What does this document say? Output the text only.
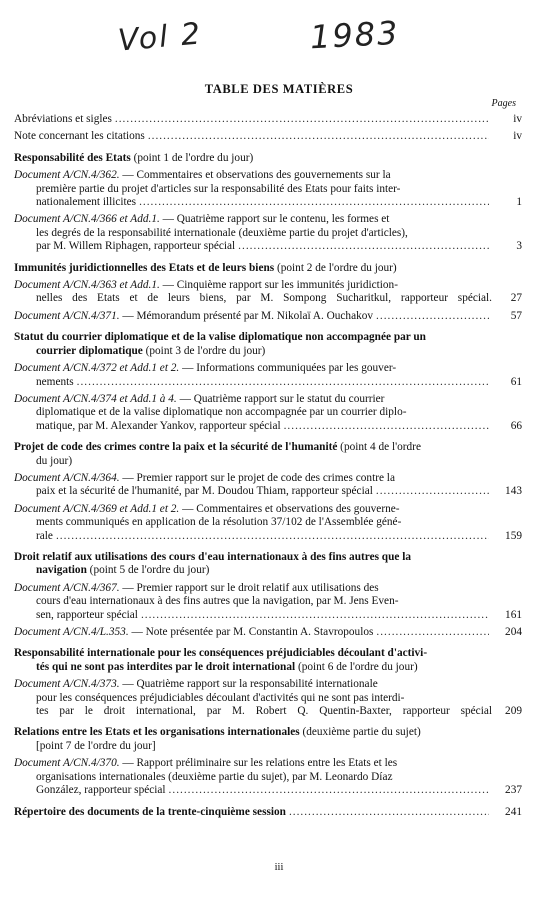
Vol 2	1983
TABLE DES MATIÈRES
Pages
Abréviations et sigles .....	iv
Note concernant les citations .....	iv
Responsabilité des Etats (point 1 de l'ordre du jour)
Document A/CN.4/362. — Commentaires et observations des gouvernements sur la
première partie du projet d'articles sur la responsabilité des Etats pour faits inter-
nationalement illicites .....	1
Document A/CN.4/366 et Add.1. — Quatrième rapport sur le contenu, les formes et
les degrés de la responsabilité internationale (deuxième partie du projet d'articles),
par M. Willem Riphagen, rapporteur spécial .....	3
Immunités juridictionnelles des Etats et de leurs biens (point 2 de l'ordre du jour)
Document A/CN.4/363 et Add.1. — Cinquième rapport sur les immunités juridiction-
nelles des Etats et de leurs biens, par M. Sompong Sucharitkul, rapporteur spécial.	27
Document A/CN.4/371. — Mémorandum présenté par M. Nikolaï A. Ouchakov .....	57
Statut du courrier diplomatique et de la valise diplomatique non accompagnée par un
courrier diplomatique (point 3 de l'ordre du jour)
Document A/CN.4/372 et Add.1 et 2. — Informations communiquées par les gouver-
nements .....	61
Document A/CN.4/374 et Add.1 à 4. — Quatrième rapport sur le statut du courrier
diplomatique et de la valise diplomatique non accompagnée par un courrier diplo-
matique, par M. Alexander Yankov, rapporteur spécial .....	66
Projet de code des crimes contre la paix et la sécurité de l'humanité (point 4 de l'ordre
du jour)
Document A/CN.4/364. — Premier rapport sur le projet de code des crimes contre la
paix et la sécurité de l'humanité, par M. Doudou Thiam, rapporteur spécial .....	143
Document A/CN.4/369 et Add.1 et 2. — Commentaires et observations des gouverne-
ments communiqués en application de la résolution 37/102 de l'Assemblée géné-
rale .....	159
Droit relatif aux utilisations des cours d'eau internationaux à des fins autres que la
navigation (point 5 de l'ordre du jour)
Document A/CN.4/367. — Premier rapport sur le droit relatif aux utilisations des
cours d'eau internationaux à des fins autres que la navigation, par M. Jens Even-
sen, rapporteur spécial .....	161
Document A/CN.4/L.353. — Note présentée par M. Constantin A. Stavropoulos .....	204
Responsabilité internationale pour les conséquences préjudiciables découlant d'activi-
tés qui ne sont pas interdites par le droit international (point 6 de l'ordre du jour)
Document A/CN.4/373. — Quatrième rapport sur la responsabilité internationale
pour les conséquences préjudiciables découlant d'activités qui ne sont pas interdi-
tes par le droit international, par M. Robert Q. Quentin-Baxter, rapporteur spécial	209
Relations entre les Etats et les organisations internationales (deuxième partie du sujet)
[point 7 de l'ordre du jour]
Document A/CN.4/370. — Rapport préliminaire sur les relations entre les Etats et les
organisations internationales (deuxième partie du sujet), par M. Leonardo Díaz
González, rapporteur spécial .....	237
Répertoire des documents de la trente-cinquième session .....	241
iii
